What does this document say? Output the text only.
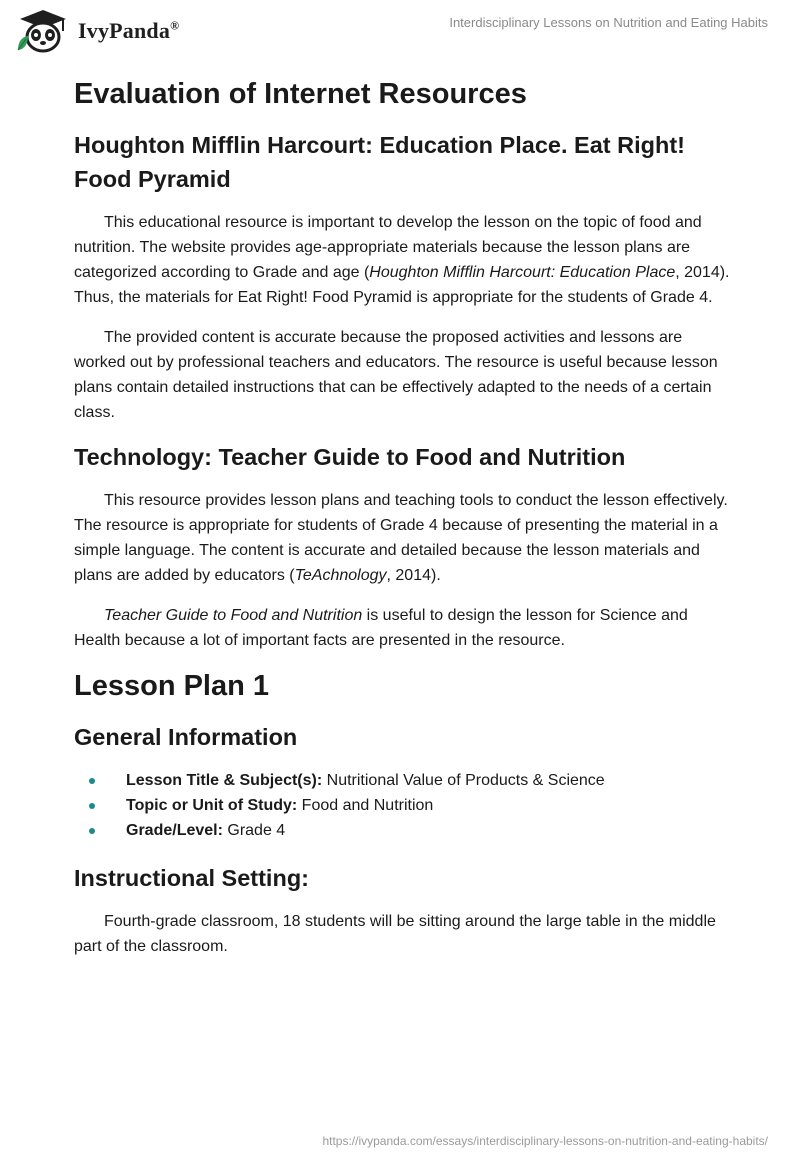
IvyPanda®	Interdisciplinary Lessons on Nutrition and Eating Habits
Evaluation of Internet Resources
Houghton Mifflin Harcourt: Education Place. Eat Right! Food Pyramid

This educational resource is important to develop the lesson on the topic of food and nutrition. The website provides age-appropriate materials because the lesson plans are categorized according to Grade and age (Houghton Mifflin Harcourt: Education Place, 2014). Thus, the materials for Eat Right! Food Pyramid is appropriate for the students of Grade 4.

The provided content is accurate because the proposed activities and lessons are worked out by professional teachers and educators. The resource is useful because lesson plans contain detailed instructions that can be effectively adapted to the needs of a certain class.

Technology: Teacher Guide to Food and Nutrition

This resource provides lesson plans and teaching tools to conduct the lesson effectively. The resource is appropriate for students of Grade 4 because of presenting the material in a simple language. The content is accurate and detailed because the lesson materials and plans are added by educators (TeAchnology, 2014).

Teacher Guide to Food and Nutrition is useful to design the lesson for Science and Health because a lot of important facts are presented in the resource.

Lesson Plan 1
General Information
Lesson Title & Subject(s): Nutritional Value of Products & Science
Topic or Unit of Study: Food and Nutrition
Grade/Level: Grade 4
Instructional Setting:

Fourth-grade classroom, 18 students will be sitting around the large table in the middle part of the classroom.

https://ivypanda.com/essays/interdisciplinary-lessons-on-nutrition-and-eating-habits/
